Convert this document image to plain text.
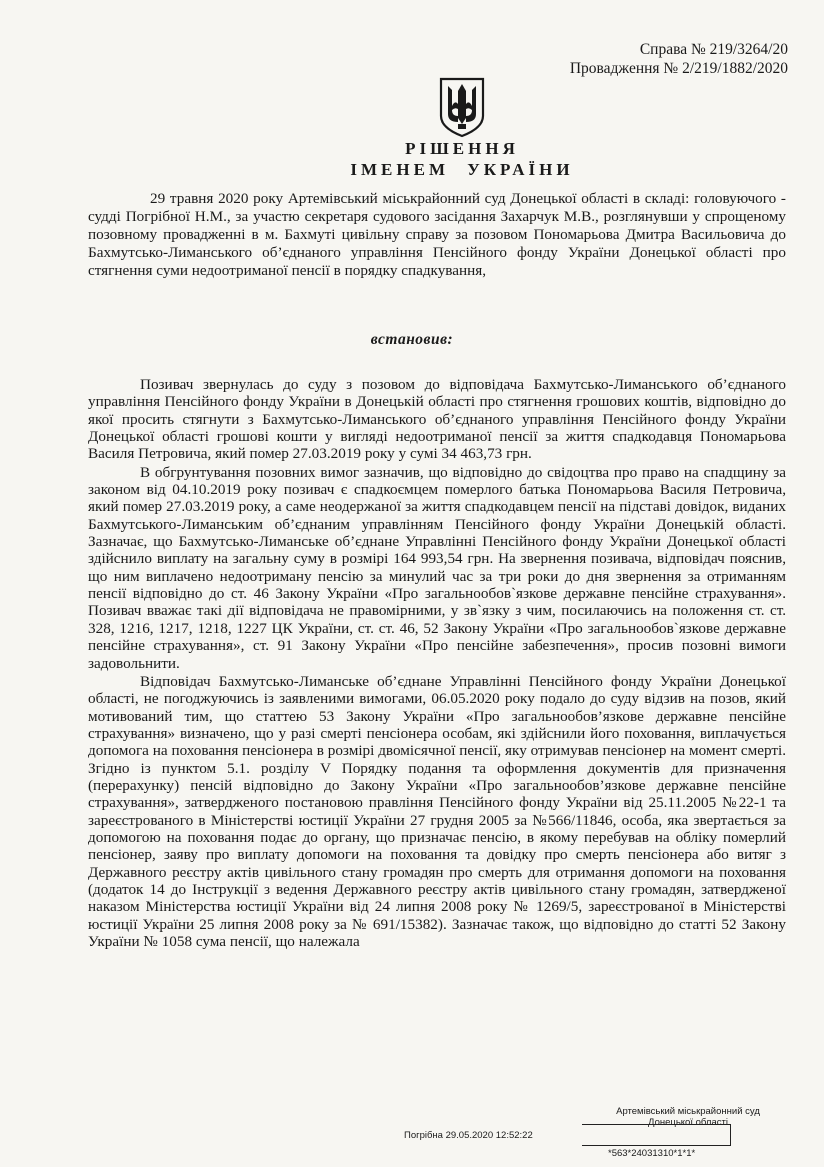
Справа № 219/3264/20
Провадження № 2/219/1882/2020
РІШЕННЯ
ІМЕНЕМ УКРАЇНИ

29 травня 2020 року Артемівський міськрайонний суд Донецької області в складі: головуючого - судді Погрібної Н.М., за участю секретаря судового засідання Захарчук М.В., розглянувши у спрощеному позовному провадженні в м. Бахмуті цивільну справу за позовом Пономарьова Дмитра Васильовича до Бахмутсько-Лиманського об’єднаного управління Пенсійного фонду України Донецької області про стягнення суми недоотриманої пенсії в порядку спадкування,

встановив:

Позивач звернулась до суду з позовом до відповідача Бахмутсько-Лиманського об’єднаного управління Пенсійного фонду України в Донецькій області про стягнення грошових коштів, відповідно до якої просить стягнути з Бахмутсько-Лиманського об’єднаного управління Пенсійного фонду України Донецької області грошові кошти у вигляді недоотриманої пенсії за життя спадкодавця Пономарьова Василя Петровича, який помер 27.03.2019 року у сумі 34 463,73 грн.

В обгрунтування позовних вимог зазначив, що відповідно до свідоцтва про право на спадщину за законом від 04.10.2019 року позивач є спадкоємцем померлого батька Пономарьова Василя Петровича, який помер 27.03.2019 року, а саме неодержаної за життя спадкодавцем пенсії на підставі довідок, виданих Бахмутського-Лиманським об’єднаним управлінням Пенсійного фонду України Донецькій області. Зазначає, що Бахмутсько-Лиманське об’єднане Управлінні Пенсійного фонду України Донецької області здійснило виплату на загальну суму в розмірі 164 993,54 грн. На звернення позивача, відповідач пояснив, що ним виплачено недоотриману пенсію за минулий час за три роки до дня звернення за отриманням пенсії відповідно до ст. 46 Закону України «Про загальнообов`язкове державне пенсійне страхування». Позивач вважає такі дії відповідача не правомірними, у зв`язку з чим, посилаючись на положення ст. ст. 328, 1216, 1217, 1218, 1227 ЦК України, ст. ст. 46, 52 Закону України «Про загальнообов`язкове державне пенсійне страхування», ст. 91 Закону України «Про пенсійне забезпечення», просив позовні вимоги задовольнити.

Відповідач Бахмутсько-Лиманське об’єднане Управлінні Пенсійного фонду України Донецької області, не погоджуючись із заявленими вимогами, 06.05.2020 року подало до суду відзив на позов, який мотивований тим, що статтею 53 Закону України «Про загальнообов’язкове державне пенсійне страхування» визначено, що у разі смерті пенсіонера особам, які здійснили його поховання, виплачується допомога на поховання пенсіонера в розмірі двомісячної пенсії, яку отримував пенсіонер на момент смерті. Згідно із пунктом 5.1. розділу V Порядку подання та оформлення документів для призначення (перерахунку) пенсій відповідно до Закону України «Про загальнообов’язкове державне пенсійне страхування», затвердженого постановою правління Пенсійного фонду України від 25.11.2005 №22-1 та зареєстрованого в Міністерстві юстиції України 27 грудня 2005 за №566/11846, особа, яка звертається за допомогою на поховання подає до органу, що призначає пенсію, в якому перебував на обліку померлий пенсіонер, заяву про виплату допомоги на поховання та довідку про смерть пенсіонера або витяг з Державного реєстру актів цивільного стану громадян про смерть для отримання допомоги на поховання (додаток 14 до Інструкції з ведення Державного реєстру актів цивільного стану громадян, затвердженої наказом Міністерства юстиції України від 24 липня 2008 року № 1269/5, зареєстрованої в Міністерстві юстиції України 25 липня 2008 року за № 691/15382). Зазначає також, що відповідно до статті 52 Закону України № 1058 сума пенсії, що належала

Артемівський міськрайонний суд
Донецької області
Погрібна 29.05.2020 12:52:22
*563*24031310*1*1*
